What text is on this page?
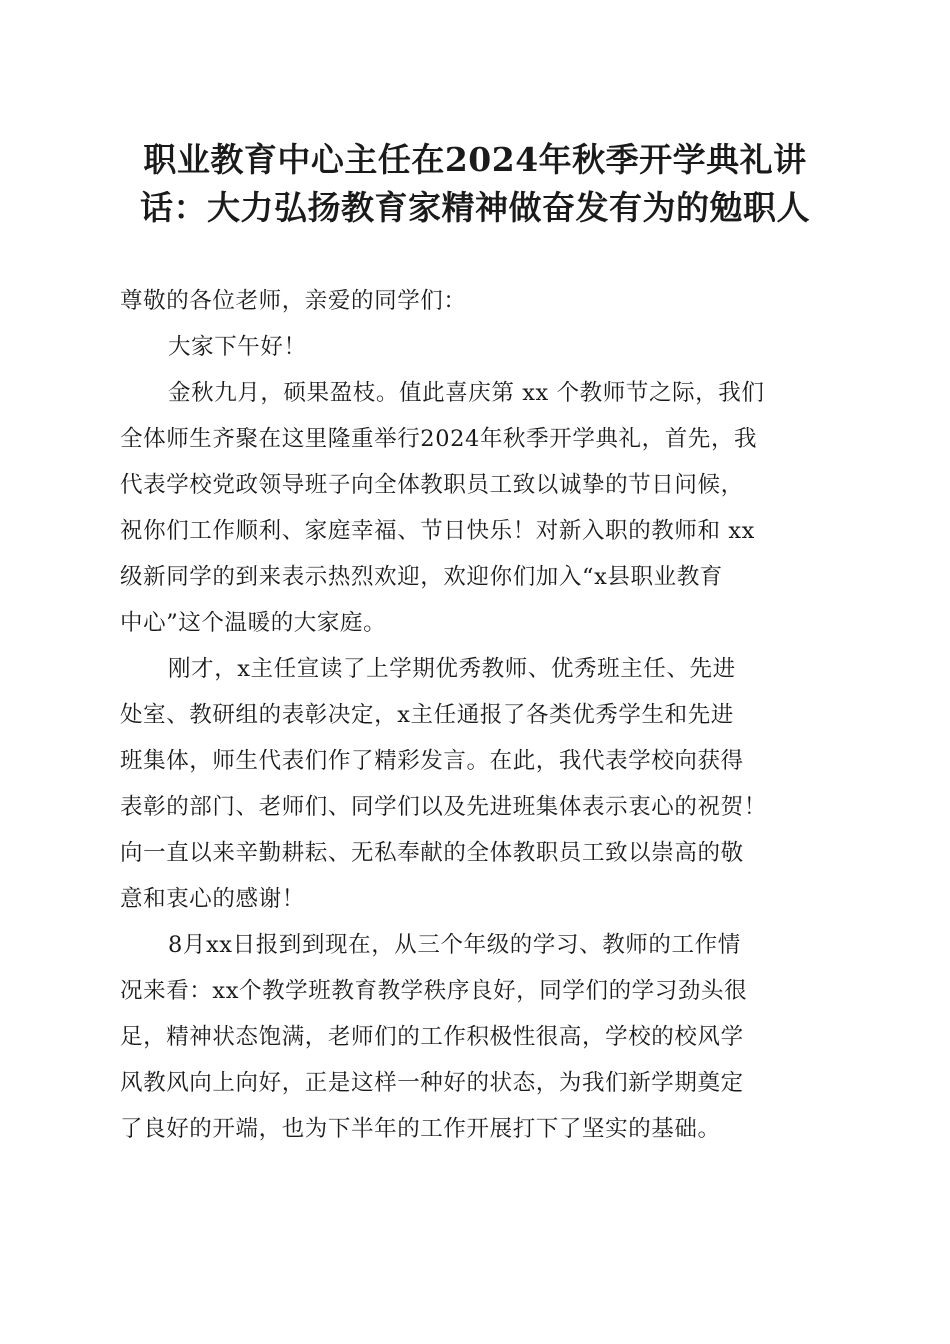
职业教育中心主任在2024年秋季开学典礼讲
话：大力弘扬教育家精神做奋发有为的勉职人
尊敬的各位老师，亲爱的同学们：
大家下午好！
金秋九月，硕果盈枝。值此喜庆第 xx 个教师节之际，我们
全体师生齐聚在这里隆重举行2024年秋季开学典礼，首先，我
代表学校党政领导班子向全体教职员工致以诚挚的节日问候，
祝你们工作顺利、家庭幸福、节日快乐！对新入职的教师和 xx
级新同学的到来表示热烈欢迎，欢迎你们加入“x县职业教育
中心”这个温暖的大家庭。
刚才，x主任宣读了上学期优秀教师、优秀班主任、先进
处室、教研组的表彰决定，x主任通报了各类优秀学生和先进
班集体，师生代表们作了精彩发言。在此，我代表学校向获得
表彰的部门、老师们、同学们以及先进班集体表示衷心的祝贺！
向一直以来辛勤耕耘、无私奉献的全体教职员工致以崇高的敬
意和衷心的感谢！
8月xx日报到到现在，从三个年级的学习、教师的工作情
况来看：xx个教学班教育教学秩序良好，同学们的学习劲头很
足，精神状态饱满，老师们的工作积极性很高，学校的校风学
风教风向上向好，正是这样一种好的状态，为我们新学期奠定
了良好的开端，也为下半年的工作开展打下了坚实的基础。
